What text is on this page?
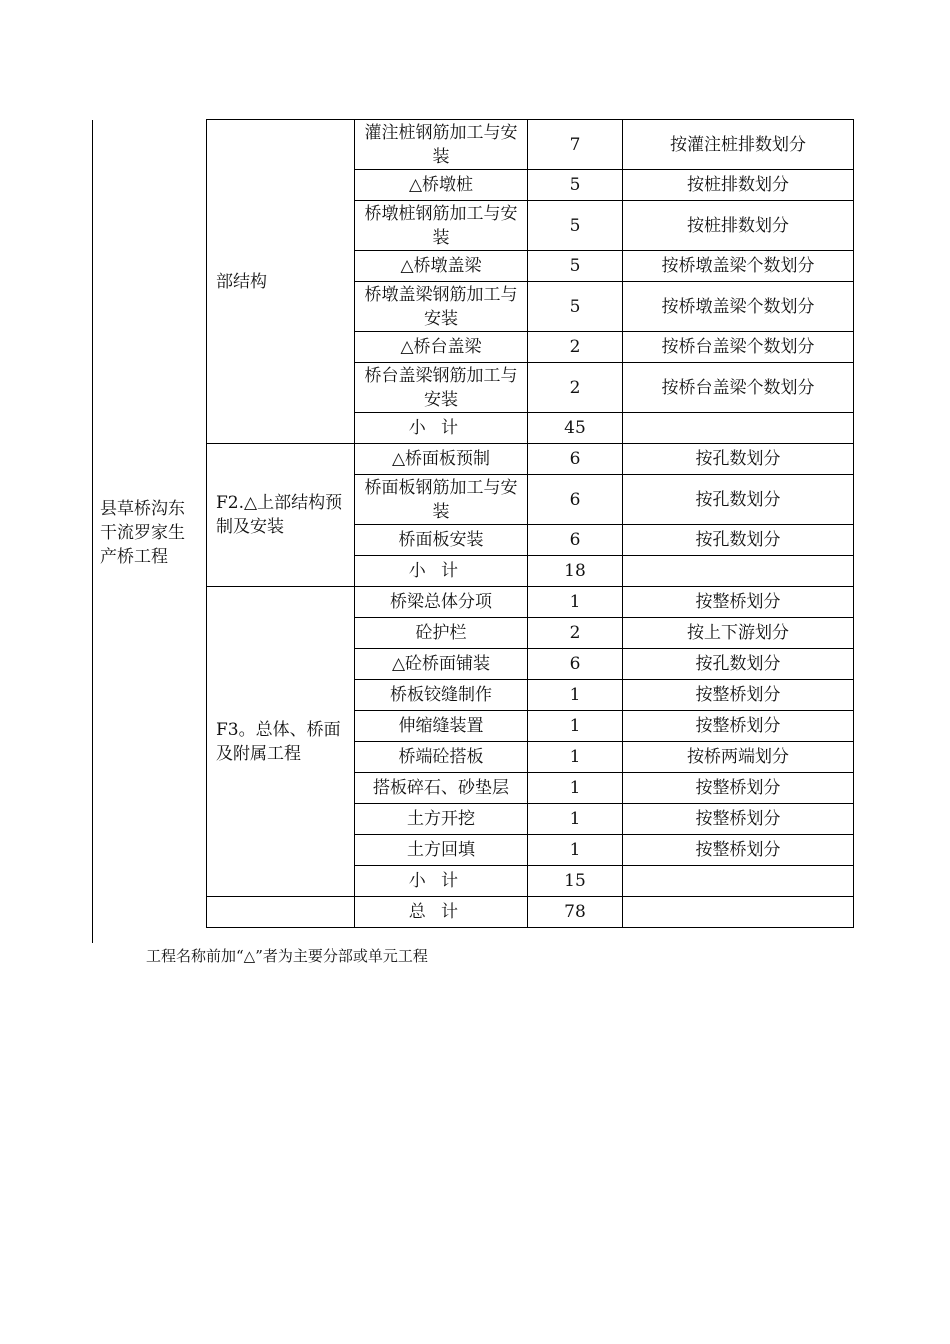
县草桥沟东干流罗家生产桥工程
部结构	灌注桩钢筋加工与安装	7	按灌注桩排数划分
	△桥墩桩	5	按桩排数划分
	桥墩桩钢筋加工与安装	5	按桩排数划分
	△桥墩盖梁	5	按桥墩盖梁个数划分
	桥墩盖梁钢筋加工与安装	5	按桥墩盖梁个数划分
	△桥台盖梁	2	按桥台盖梁个数划分
	桥台盖梁钢筋加工与安装	2	按桥台盖梁个数划分
	小计	45	
F2.△上部结构预制及安装	△桥面板预制	6	按孔数划分
	桥面板钢筋加工与安装	6	按孔数划分
	桥面板安装	6	按孔数划分
	小计	18	
F3。总体、桥面及附属工程	桥梁总体分项	1	按整桥划分
	砼护栏	2	按上下游划分
	△砼桥面铺装	6	按孔数划分
	桥板铰缝制作	1	按整桥划分
	伸缩缝装置	1	按整桥划分
	桥端砼搭板	1	按桥两端划分
	搭板碎石、砂垫层	1	按整桥划分
	土方开挖	1	按整桥划分
	土方回填	1	按整桥划分
	小计	15	
	总计	78	
工程名称前加“△”者为主要分部或单元工程
